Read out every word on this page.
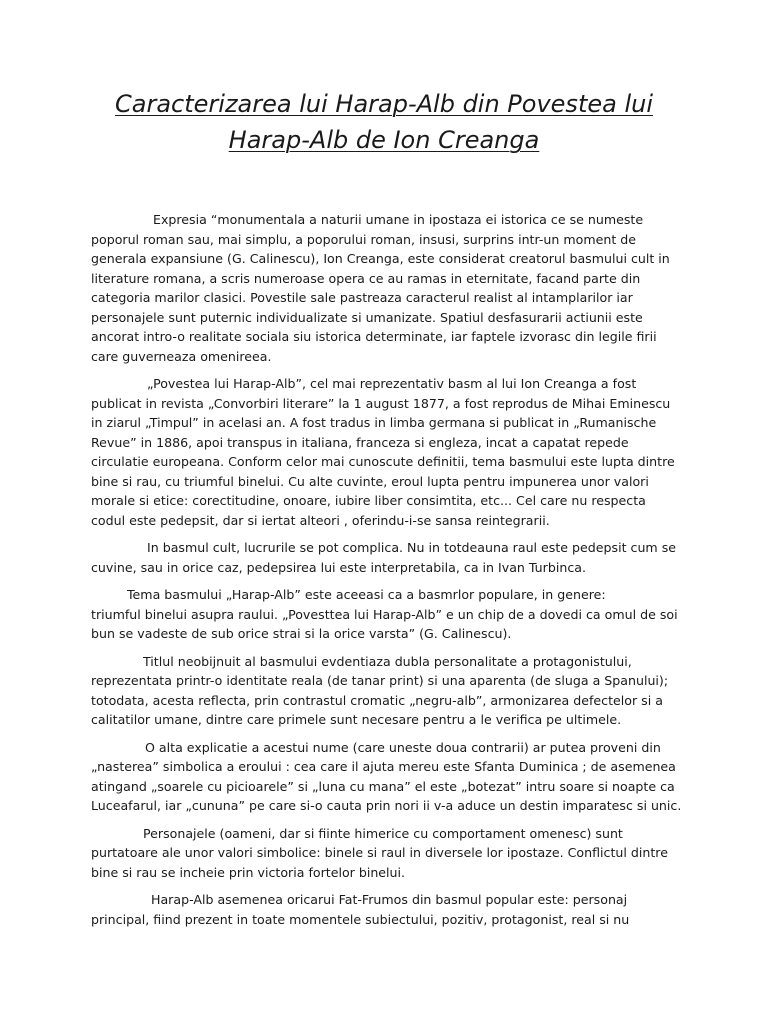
Caracterizarea lui Harap-Alb din Povestea lui
Harap-Alb de Ion Creanga

Expresia “monumentala a naturii umane in ipostaza ei istorica ce se numeste
poporul roman sau, mai simplu, a poporului roman, insusi, surprins intr-un moment de
generala expansiune (G. Calinescu), Ion Creanga, este considerat creatorul basmului cult in
literature romana, a scris numeroase opera ce au ramas in eternitate, facand parte din
categoria marilor clasici. Povestile sale pastreaza caracterul realist al intamplarilor iar
personajele sunt puternic individualizate si umanizate. Spatiul desfasurarii actiunii este
ancorat intro-o realitate sociala siu istorica determinate, iar faptele izvorasc din legile firii
care guverneaza omenireea.

„Povestea lui Harap-Alb”, cel mai reprezentativ basm al lui Ion Creanga a fost
publicat in revista „Convorbiri literare” la 1 august 1877, a fost reprodus de Mihai Eminescu
in ziarul „Timpul” in acelasi an. A fost tradus in limba germana si publicat in „Rumanische
Revue” in 1886, apoi transpus in italiana, franceza si engleza, incat a capatat repede
circulatie europeana. Conform celor mai cunoscute definitii, tema basmului este lupta dintre
bine si rau, cu triumful binelui. Cu alte cuvinte, eroul lupta pentru impunerea unor valori
morale si etice: corectitudine, onoare, iubire liber consimtita, etc... Cel care nu respecta
codul este pedepsit, dar si iertat alteori , oferindu-i-se sansa reintegrarii.

In basmul cult, lucrurile se pot complica. Nu in totdeauna raul este pedepsit cum se
cuvine, sau in orice caz, pedepsirea lui este interpretabila, ca in Ivan Turbinca.

Tema basmului „Harap-Alb” este aceeasi ca a basmrlor populare, in genere:
triumful binelui asupra raului. „Povesttea lui Harap-Alb” e un chip de a dovedi ca omul de soi
bun se vadeste de sub orice strai si la orice varsta” (G. Calinescu).

Titlul neobijnuit al basmului evdentiaza dubla personalitate a protagonistului,
reprezentata printr-o identitate reala (de tanar print) si una aparenta (de sluga a Spanului);
totodata, acesta reflecta, prin contrastul cromatic „negru-alb”, armonizarea defectelor si a
calitatilor umane, dintre care primele sunt necesare pentru a le verifica pe ultimele.

O alta explicatie a acestui nume (care uneste doua contrarii) ar putea proveni din
„nasterea” simbolica a eroului : cea care il ajuta mereu este Sfanta Duminica ; de asemenea
atingand „soarele cu picioarele” si „luna cu mana” el este „botezat” intru soare si noapte ca
Luceafarul, iar „cununa” pe care si-o cauta prin nori ii v-a aduce un destin imparatesc si unic.

Personajele (oameni, dar si fiinte himerice cu comportament omenesc) sunt
purtatoare ale unor valori simbolice: binele si raul in diversele lor ipostaze. Conflictul dintre
bine si rau se incheie prin victoria fortelor binelui.

Harap-Alb asemenea oricarui Fat-Frumos din basmul popular este: personaj
principal, fiind prezent in toate momentele subiectului, pozitiv, protagonist, real si nu
